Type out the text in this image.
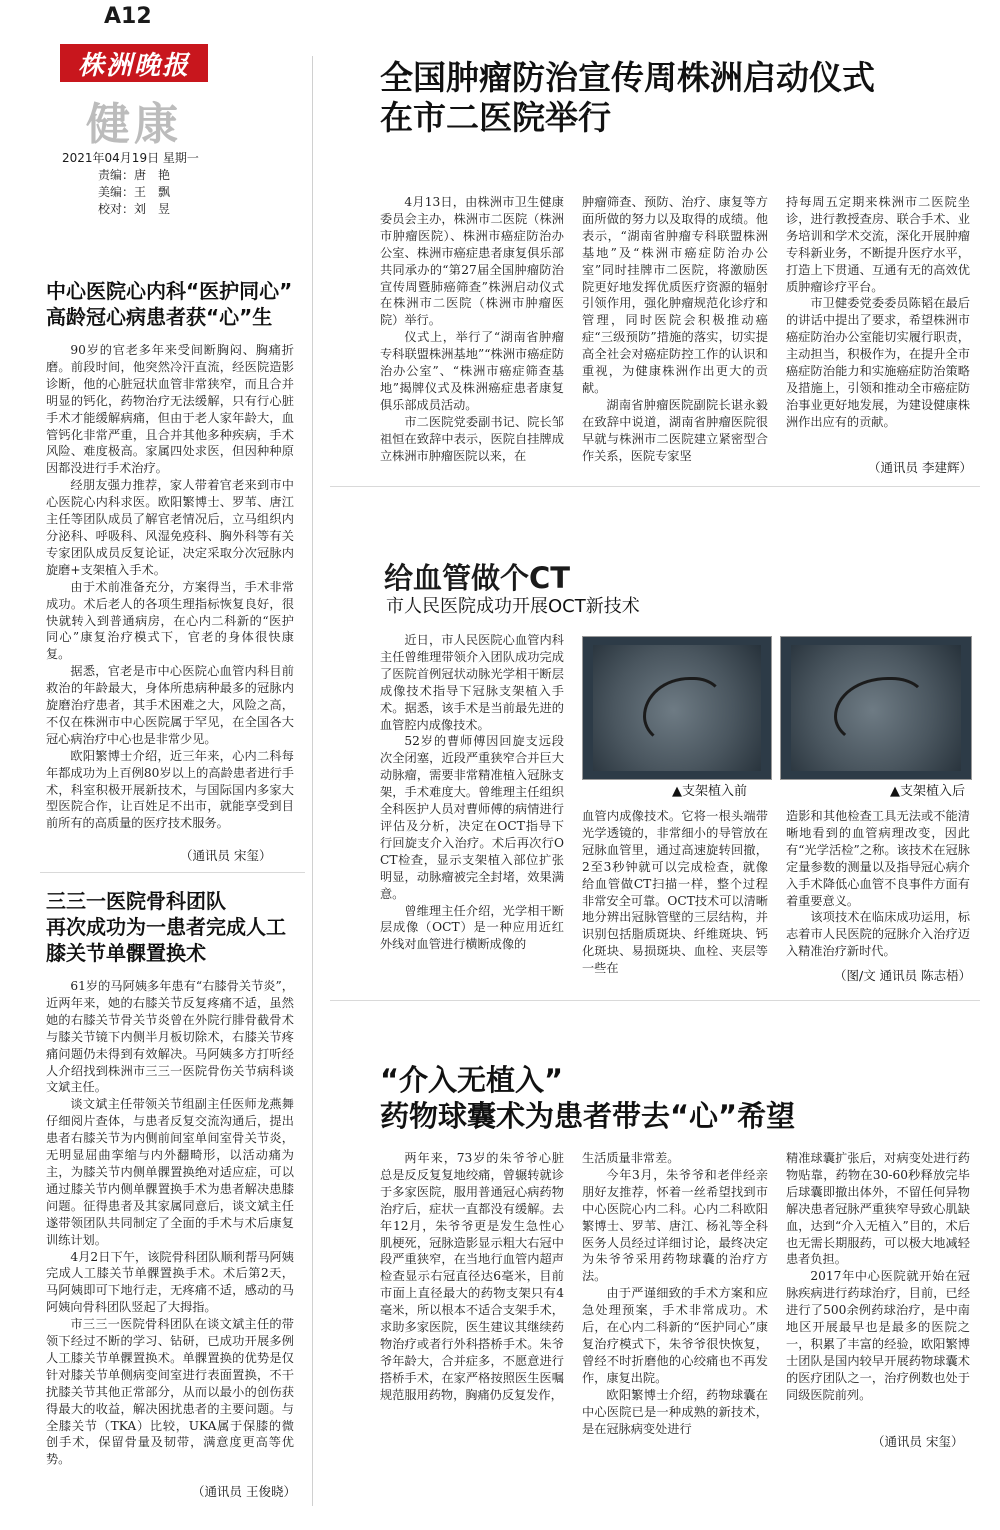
A12
株洲晚报
健康
2021年04月19日 星期一
责编：唐　艳
美编：王　飘
校对：刘　昱
全国肿瘤防治宣传周株洲启动仪式
在市二医院举行

4月13日，由株洲市卫生健康委员会主办，株洲市二医院（株洲市肿瘤医院）、株洲市癌症防治办公室、株洲市癌症患者康复俱乐部共同承办的“第27届全国肿瘤防治宣传周暨肺癌筛查”株洲启动仪式在株洲市二医院（株洲市肿瘤医院）举行。

仪式上，举行了“湖南省肿瘤专科联盟株洲基地”“株洲市癌症防治办公室”、“株洲市癌症筛查基地”揭牌仪式及株洲癌症患者康复俱乐部成员活动。

市二医院党委副书记、院长邹祖恒在致辞中表示，医院自挂牌成立株洲市肿瘤医院以来，在

肿瘤筛查、预防、治疗、康复等方面所做的努力以及取得的成绩。他表示，“湖南省肿瘤专科联盟株洲基地”及“株洲市癌症防治办公室”同时挂牌市二医院，将激励医院更好地发挥优质医疗资源的辐射引领作用，强化肿瘤规范化诊疗和管理，同时医院会积极推动癌症“三级预防”措施的落实，切实提高全社会对癌症防控工作的认识和重视，为健康株洲作出更大的贡献。

湖南省肿瘤医院副院长谌永毅在致辞中说道，湖南省肿瘤医院很早就与株洲市二医院建立紧密型合作关系，医院专家坚

持每周五定期来株洲市二医院坐诊，进行教授查房、联合手术、业务培训和学术交流，深化开展肿瘤专科新业务，不断提升医疗水平，打造上下贯通、互通有无的高效优质肿瘤诊疗平台。

市卫健委党委委员陈韬在最后的讲话中提出了要求，希望株洲市癌症防治办公室能切实履行职责，主动担当，积极作为，在提升全市癌症防治能力和实施癌症防治策略及措施上，引领和推动全市癌症防治事业更好地发展，为建设健康株洲作出应有的贡献。

（通讯员 李建辉）
中心医院心内科“医护同心”
高龄冠心病患者获“心”生

90岁的官老多年来受间断胸闷、胸痛折磨。前段时间，他突然冷汗直流，经医院造影诊断，他的心脏冠状血管非常狭窄，而且合并明显的钙化，药物治疗无法缓解，只有行心脏手术才能缓解病痛，但由于老人家年龄大，血管钙化非常严重，且合并其他多种疾病，手术风险、难度极高。家属四处求医，但因种种原因都没进行手术治疗。

经朋友强力推荐，家人带着官老来到市中心医院心内科求医。欧阳繁博士、罗苇、唐江主任等团队成员了解官老情况后，立马组织内分泌科、呼吸科、风湿免疫科、胸外科等有关专家团队成员反复论证，决定采取分次冠脉内旋磨+支架植入手术。

由于术前准备充分，方案得当，手术非常成功。术后老人的各项生理指标恢复良好，很快就转入到普通病房，在心内二科新的“医护同心”康复治疗模式下，官老的身体很快康复。

据悉，官老是市中心医院心血管内科目前救治的年龄最大，身体所患病种最多的冠脉内旋磨治疗患者，其手术困难之大，风险之高，不仅在株洲市中心医院属于罕见，在全国各大冠心病治疗中心也是非常少见。

欧阳繁博士介绍，近三年来，心内二科每年都成功为上百例80岁以上的高龄患者进行手术，科室积极开展新技术，与国际国内多家大型医院合作，让百姓足不出市，就能享受到目前所有的高质量的医疗技术服务。

（通讯员 宋玺）
三三一医院骨科团队
再次成功为一患者完成人工
膝关节单髁置换术

61岁的马阿姨多年患有“右膝骨关节炎”，近两年来，她的右膝关节反复疼痛不适，虽然她的右膝关节骨关节炎曾在外院行腓骨截骨术与膝关节镜下内侧半月板切除术，右膝关节疼痛问题仍未得到有效解决。马阿姨多方打听经人介绍找到株洲市三三一医院骨伤关节病科谈文斌主任。

谈文斌主任带领关节组副主任医师龙燕舞仔细阅片查体，与患者反复交流沟通后，提出患者右膝关节为内侧前间室单间室骨关节炎，无明显屈曲挛缩与内外翻畸形，以活动痛为主，为膝关节内侧单髁置换绝对适应症，可以通过膝关节内侧单髁置换手术为患者解决患膝问题。征得患者及其家属同意后，谈文斌主任遂带领团队共同制定了全面的手术与术后康复训练计划。

4月2日下午，该院骨科团队顺利帮马阿姨完成人工膝关节单髁置换手术。术后第2天，马阿姨即可下地行走，无疼痛不适，感动的马阿姨向骨科团队竖起了大拇指。

市三三一医院骨科团队在谈文斌主任的带领下经过不断的学习、钻研，已成功开展多例人工膝关节单髁置换术。单髁置换的优势是仅针对膝关节单侧病变间室进行表面置换，不干扰膝关节其他正常部分，从而以最小的创伤获得最大的收益，解决困扰患者的主要问题。与全膝关节（TKA）比较，UKA属于保膝的微创手术，保留骨量及韧带，满意度更高等优势。

（通讯员 王俊晓）
给血管做个CT
市人民医院成功开展OCT新技术

近日，市人民医院心血管内科主任曾维理带领介入团队成功完成了医院首例冠状动脉光学相干断层成像技术指导下冠脉支架植入手术。据悉，该手术是当前最先进的血管腔内成像技术。

52岁的曹师傅因回旋支远段次全闭塞，近段严重狭窄合并巨大动脉瘤，需要非常精准植入冠脉支架，手术难度大。曾维理主任组织全科医护人员对曹师傅的病情进行评估及分析，决定在OCT指导下行回旋支介入治疗。术后再次行OCT检查，显示支架植入部位扩张明显，动脉瘤被完全封堵，效果满意。

曾维理主任介绍，光学相干断层成像（OCT）是一种应用近红外线对血管进行横断成像的

▲支架植入前	▲支架植入后

血管内成像技术。它将一根头端带光学透镜的，非常细小的导管放在冠脉血管里，通过高速旋转回撤，2至3秒钟就可以完成检查，就像给血管做CT扫描一样，整个过程非常安全可靠。OCT技术可以清晰地分辨出冠脉管壁的三层结构，并识别包括脂质斑块、纤维斑块、钙化斑块、易损斑块、血栓、夹层等一些在

造影和其他检查工具无法或不能清晰地看到的血管病理改变，因此有“光学活检”之称。该技术在冠脉定量参数的测量以及指导冠心病介入手术降低心血管不良事件方面有着重要意义。

该项技术在临床成功运用，标志着市人民医院的冠脉介入治疗迈入精准治疗新时代。

（图/文 通讯员 陈志梧）
“介入无植入”
药物球囊术为患者带去“心”希望

两年来，73岁的朱爷爷心脏总是反反复复地绞痛，曾辗转就诊于多家医院，服用普通冠心病药物治疗后，症状一直都没有缓解。去年12月，朱爷爷更是发生急性心肌梗死，冠脉造影显示粗大右冠中段严重狭窄，在当地行血管内超声检查显示右冠直径达6毫米，目前市面上直径最大的药物支架只有4毫米，所以根本不适合支架手术，求助多家医院，医生建议其继续药物治疗或者行外科搭桥手术。朱爷爷年龄大，合并症多，不愿意进行搭桥手术，在家严格按照医生医嘱规范服用药物，胸痛仍反复发作，

生活质量非常差。

今年3月，朱爷爷和老伴经亲朋好友推荐，怀着一丝希望找到市中心医院心内二科。心内二科欧阳繁博士、罗苇、唐江、杨礼等全科医务人员经过详细讨论，最终决定为朱爷爷采用药物球囊的治疗方法。

由于严谨细致的手术方案和应急处理预案，手术非常成功。术后，在心内二科新的“医护同心”康复治疗模式下，朱爷爷很快恢复，曾经不时折磨他的心绞痛也不再发作，康复出院。

欧阳繁博士介绍，药物球囊在中心医院已是一种成熟的新技术，是在冠脉病变处进行

精准球囊扩张后，对病变处进行药物贴靠，药物在30-60秒释放完毕后球囊即撤出体外，不留任何异物解决患者冠脉严重狭窄导致心肌缺血，达到“介入无植入”目的，术后也无需长期服药，可以极大地减轻患者负担。

2017年中心医院就开始在冠脉疾病进行药球治疗，目前，已经进行了500余例药球治疗，是中南地区开展最早也是最多的医院之一，积累了丰富的经验，欧阳繁博士团队是国内较早开展药物球囊术的医疗团队之一，治疗例数也处于同级医院前列。

（通讯员 宋玺）
